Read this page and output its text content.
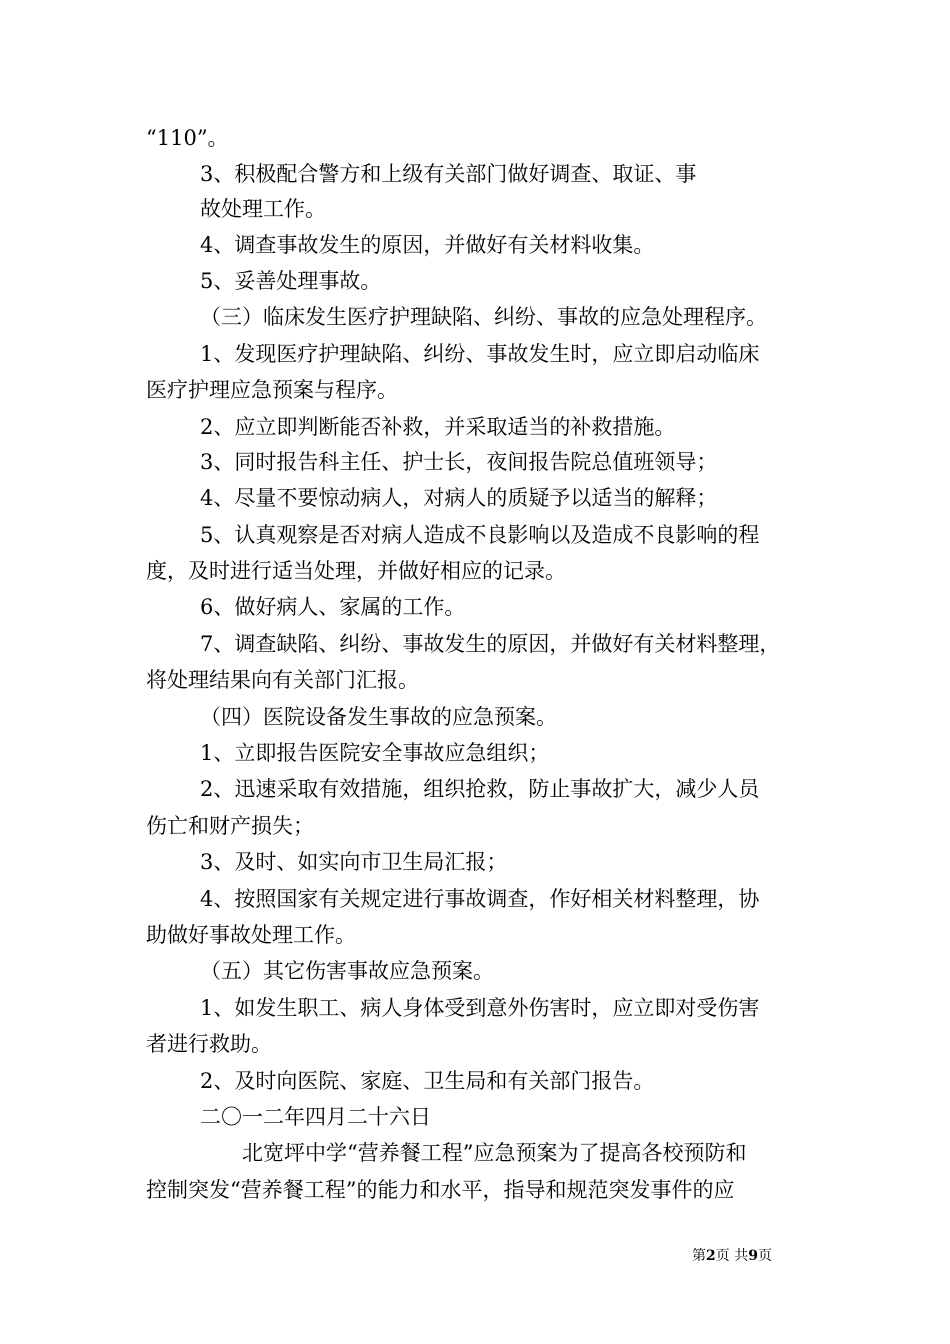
“110”。
3、积极配合警方和上级有关部门做好调查、取证、事
故处理工作。
4、调查事故发生的原因，并做好有关材料收集。
5、妥善处理事故。
（三）临床发生医疗护理缺陷、纠纷、事故的应急处理程序。
1、发现医疗护理缺陷、纠纷、事故发生时，应立即启动临床
医疗护理应急预案与程序。
2、应立即判断能否补救，并采取适当的补救措施。
3、同时报告科主任、护士长，夜间报告院总值班领导；
4、尽量不要惊动病人，对病人的质疑予以适当的解释；
5、认真观察是否对病人造成不良影响以及造成不良影响的程
度，及时进行适当处理，并做好相应的记录。
6、做好病人、家属的工作。
7、调查缺陷、纠纷、事故发生的原因，并做好有关材料整理，
将处理结果向有关部门汇报。
（四）医院设备发生事故的应急预案。
1、立即报告医院安全事故应急组织；
2、迅速采取有效措施，组织抢救，防止事故扩大，减少人员
伤亡和财产损失；
3、及时、如实向市卫生局汇报；
4、按照国家有关规定进行事故调查，作好相关材料整理，协
助做好事故处理工作。
（五）其它伤害事故应急预案。
1、如发生职工、病人身体受到意外伤害时，应立即对受伤害
者进行救助。
2、及时向医院、家庭、卫生局和有关部门报告。
二〇一二年四月二十六日
北宽坪中学“营养餐工程”应急预案为了提高各校预防和
控制突发“营养餐工程”的能力和水平，指导和规范突发事件的应
第2页 共9页
